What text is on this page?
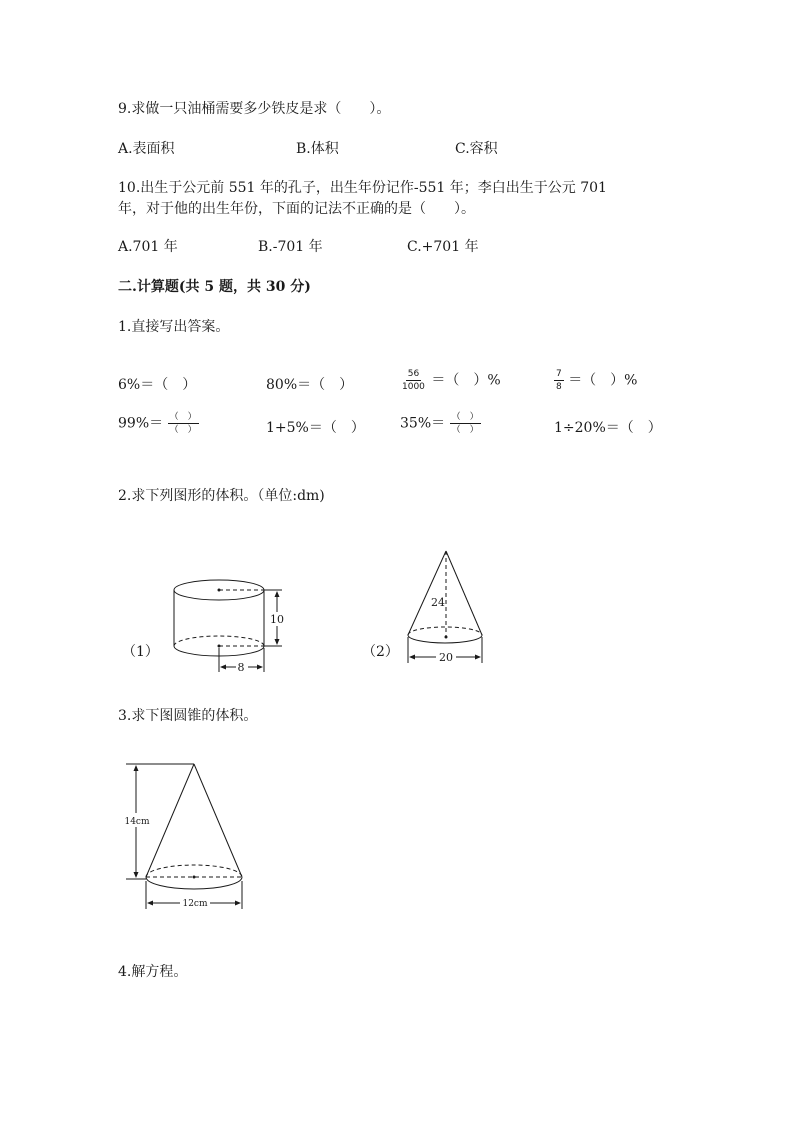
9.求做一只油桶需要多少铁皮是求（　　）。
A.表面积	B.体积	C.容积
10.出生于公元前 551 年的孔子，出生年份记作-551 年；李白出生于公元 701
年，对于他的出生年份，下面的记法不正确的是（　　）。
A.701 年	B.-701 年	C.+701 年
二.计算题(共 5 题，共 30 分)
1.直接写出答案。
6%＝（　）	80%＝（　）	$\frac{56}{1000}$ ＝（　）%	$\frac{7}{8}$ ＝（　）%
$99\%= \frac{( )}{( )}$	1+5%＝（　）	$35\%= \frac{( )}{( )}$	1÷20%＝（　）
2.求下列图形的体积。（单位:dm)
（1）
10
8
（2）
24
20
3.求下图圆锥的体积。
14cm
12cm
4.解方程。
